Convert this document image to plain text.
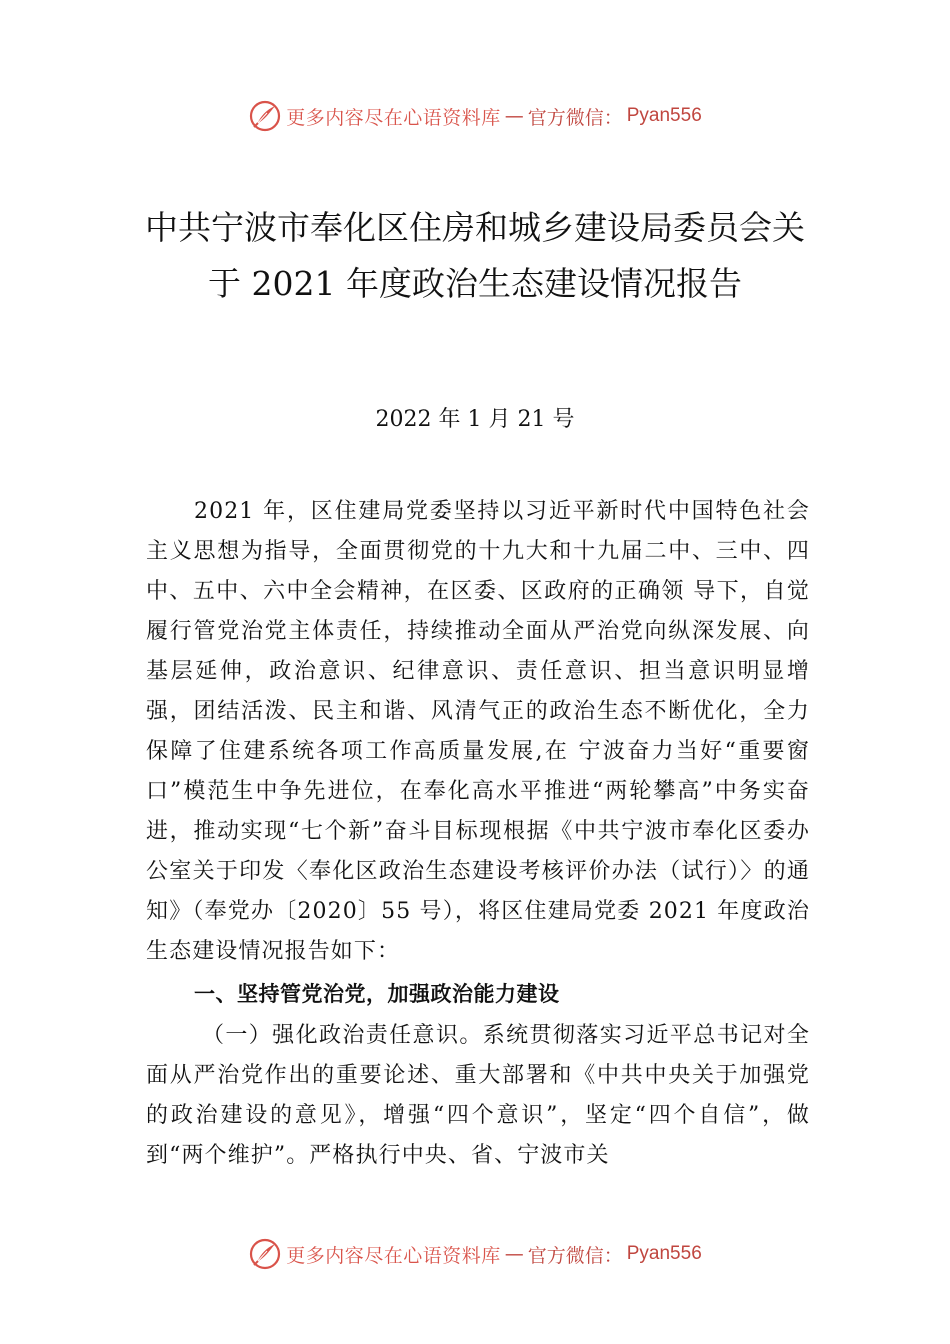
更多内容尽在心语资料库 — 官方微信： Pyan556
中共宁波市奉化区住房和城乡建设局委员会关于 2021 年度政治生态建设情况报告
2022 年 1 月 21 号

2021 年，区住建局党委坚持以习近平新时代中国特色社会主义思想为指导，全面贯彻党的十九大和十九届二中、三中、四中、五中、六中全会精神，在区委、区政府的正确领 导下，自觉履行管党治党主体责任，持续推动全面从严治党向纵深发展、向基层延伸，政治意识、纪律意识、责任意识、担当意识明显增强，团结活泼、民主和谐、风清气正的政治生态不断优化，全力保障了住建系统各项工作高质量发展,在 宁波奋力当好“重要窗口”模范生中争先进位，在奉化高水平推进“两轮攀高”中务实奋进，推动实现“七个新”奋斗目标现根据《中共宁波市奉化区委办公室关于印发〈奉化区政治生态建设考核评价办法（试行）〉的通知》（奉党办〔2020〕55 号），将区住建局党委 2021 年度政治生态建设情况报告如下：

一、坚持管党治党，加强政治能力建设

（一）强化政治责任意识。系统贯彻落实习近平总书记对全面从严治党作出的重要论述、重大部署和《中共中央关于加强党的政治建设的意见》，增强“四个意识”，坚定“四个自信”，做到“两个维护”。严格执行中央、省、宁波市关

更多内容尽在心语资料库 — 官方微信： Pyan556
